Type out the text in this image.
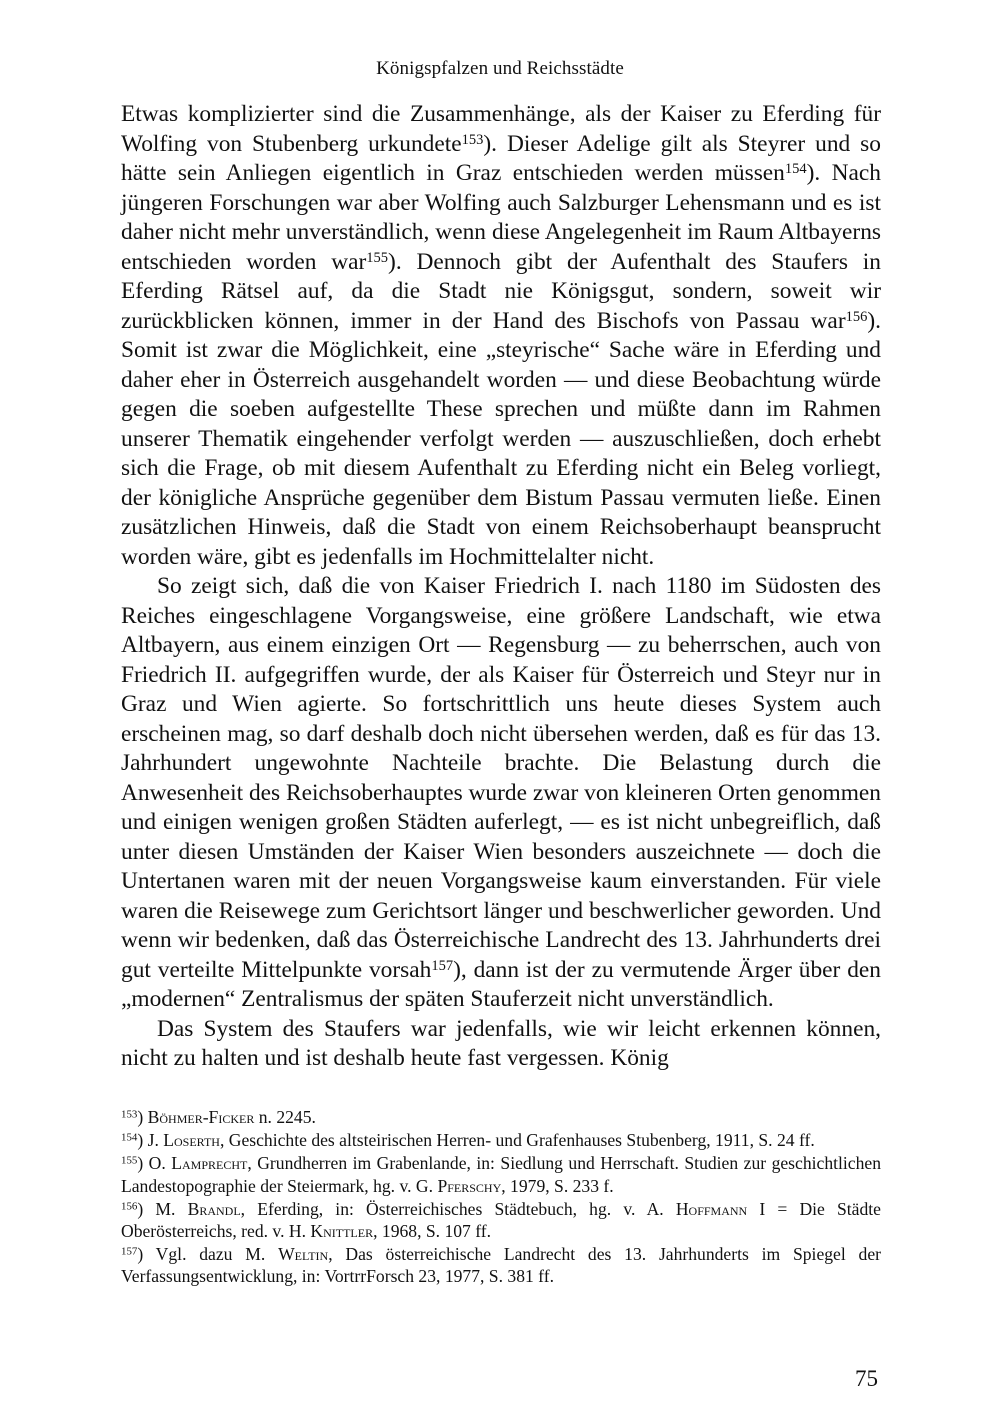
Königspfalzen und Reichsstädte

Etwas komplizierter sind die Zusammenhänge, als der Kaiser zu Eferding für Wolfing von Stubenberg urkundete$^{153}$). Dieser Adelige gilt als Steyrer und so hätte sein Anliegen eigentlich in Graz entschieden werden müssen$^{154}$). Nach jüngeren Forschungen war aber Wolfing auch Salzburger Lehensmann und es ist daher nicht mehr unverständlich, wenn diese Angelegenheit im Raum Altbayerns entschieden worden war$^{155}$). Dennoch gibt der Aufenthalt des Staufers in Eferding Rätsel auf, da die Stadt nie Königsgut, sondern, soweit wir zurückblicken können, immer in der Hand des Bischofs von Passau war$^{156}$). Somit ist zwar die Möglichkeit, eine „steyrische“ Sache wäre in Eferding und daher eher in Österreich ausgehandelt worden — und diese Beobachtung würde gegen die soeben aufgestellte These sprechen und müßte dann im Rahmen unserer Thematik eingehender verfolgt werden — auszuschließen, doch erhebt sich die Frage, ob mit diesem Aufenthalt zu Eferding nicht ein Beleg vorliegt, der königliche Ansprüche gegenüber dem Bistum Passau vermuten ließe. Einen zusätzlichen Hinweis, daß die Stadt von einem Reichsoberhaupt beansprucht worden wäre, gibt es jedenfalls im Hochmittelalter nicht.

So zeigt sich, daß die von Kaiser Friedrich I. nach 1180 im Südosten des Reiches eingeschlagene Vorgangsweise, eine größere Landschaft, wie etwa Altbayern, aus einem einzigen Ort — Regensburg — zu beherrschen, auch von Friedrich II. aufgegriffen wurde, der als Kaiser für Österreich und Steyr nur in Graz und Wien agierte. So fortschrittlich uns heute dieses System auch erscheinen mag, so darf deshalb doch nicht übersehen werden, daß es für das 13. Jahrhundert ungewohnte Nachteile brachte. Die Belastung durch die Anwesenheit des Reichsoberhauptes wurde zwar von kleineren Orten genommen und einigen wenigen großen Städten auferlegt, — es ist nicht unbegreiflich, daß unter diesen Umständen der Kaiser Wien besonders auszeichnete — doch die Untertanen waren mit der neuen Vorgangsweise kaum einverstanden. Für viele waren die Reisewege zum Gerichtsort länger und beschwerlicher geworden. Und wenn wir bedenken, daß das Österreichische Landrecht des 13. Jahrhunderts drei gut verteilte Mittelpunkte vorsah$^{157}$), dann ist der zu vermutende Ärger über den „modernen“ Zentralismus der späten Stauferzeit nicht unverständlich.

Das System des Staufers war jedenfalls, wie wir leicht erkennen können, nicht zu halten und ist deshalb heute fast vergessen. König

$^{153}$) Böhmer-Ficker n. 2245.
$^{154}$) J. Loserth, Geschichte des altsteirischen Herren- und Grafenhauses Stubenberg, 1911, S. 24 ff.
$^{155}$) O. Lamprecht, Grundherren im Grabenlande, in: Siedlung und Herrschaft. Studien zur geschichtlichen Landestopographie der Steiermark, hg. v. G. Pferschy, 1979, S. 233 f.
$^{156}$) M. Brandl, Eferding, in: Österreichisches Städtebuch, hg. v. A. Hoffmann I = Die Städte Oberösterreichs, red. v. H. Knittler, 1968, S. 107 ff.
$^{157}$) Vgl. dazu M. Weltin, Das österreichische Landrecht des 13. Jahrhunderts im Spiegel der Verfassungsentwicklung, in: VortrrForsch 23, 1977, S. 381 ff.
75
